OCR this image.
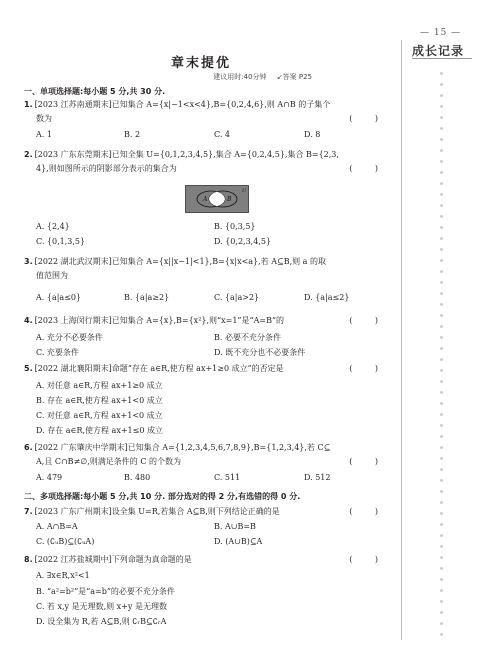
章末提优
建议用时:40分钟 ↙答案 P25
一、单项选择题:每小题 5 分,共 30 分.
1. [2023 江苏南通期末]已知集合 A={x|−1<x<4},B={0,2,4,6},则 A∩B 的子集个
数为	( )
A. 1	B. 2	C. 4	D. 8
2. [2023 广东东莞期末]已知全集 U={0,1,2,3,4,5},集合 A={0,2,4,5},集合 B={2,3,
4},则如图所示的阴影部分表示的集合为	( )
A	B
U
A. {2,4}	B. {0,3,5}
C. {0,1,3,5}	D. {0,2,3,4,5}
3. [2022 湖北武汉期末]已知集合 A={x||x−1|<1},B={x|x<a},若 A⊆B,则 a 的取
值范围为
A. {a|a≤0}	B. {a|a≥2}	C. {a|a>2}	D. {a|a≤2}
4. [2023 上海闵行期末]已知集合 A={x},B={x²},则“x=1”是“A=B”的	( )
A. 充分不必要条件	B. 必要不充分条件
C. 充要条件	D. 既不充分也不必要条件
5. [2022 湖北襄阳期末]命题“存在 a∈R,使方程 ax+1≥0 成立”的否定是	( )
A. 对任意 a∈R,方程 ax+1≥0 成立
B. 存在 a∈R,使方程 ax+1<0 成立
C. 对任意 a∈R,方程 ax+1<0 成立
D. 存在 a∈R,使方程 ax+1≤0 成立
6. [2022 广东肇庆中学期末]已知集合 A={1,2,3,4,5,6,7,8,9},B={1,2,3,4},若 C⊆
A,且 C∩B≠∅,则满足条件的 C 的个数为	( )
A. 479	B. 480	C. 511	D. 512
二、多项选择题:每小题 5 分,共 10 分. 部分选对的得 2 分,有选错的得 0 分.
7. [2023 广东广州期末]设全集 U=R,若集合 A⊆B,则下列结论正确的是	( )
A. A∩B=A	B. A∪B=B
C. (∁ᵤB)⊆(∁ᵤA)	D. (A∪B)⊆A
8. [2022 江苏盐城期中]下列命题为真命题的是	( )
A. ∃x∈R,x²<1
B. “a²=b²”是“a=b”的必要不充分条件
C. 若 x,y 是无理数,则 x+y 是无理数
D. 设全集为 R,若 A⊆B,则 ∁ᵣB⊆∁ᵣA
— 15 —
成长记录
